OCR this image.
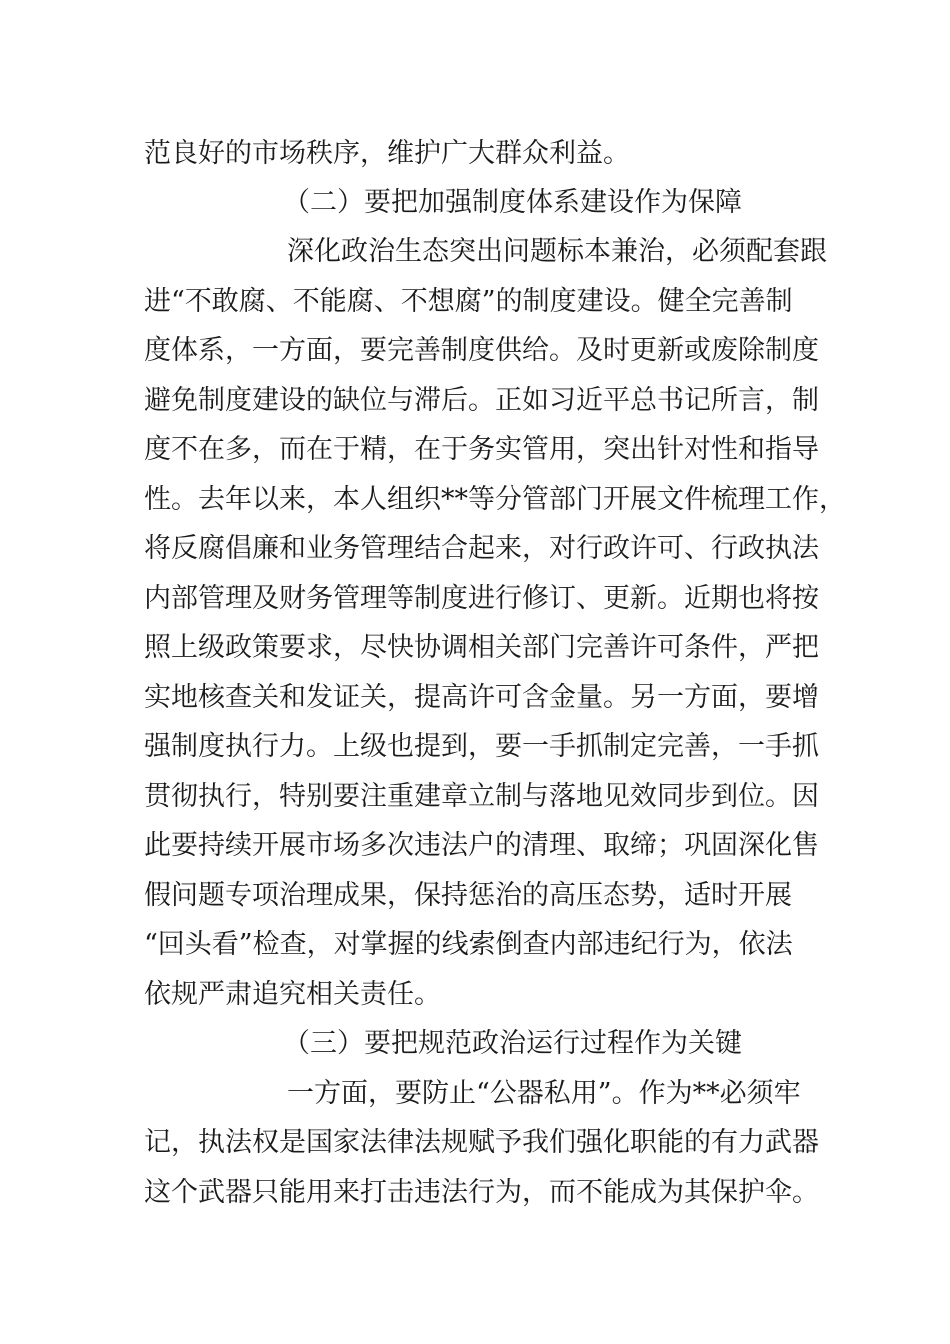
范良好的市场秩序，维护广大群众利益。
（二）要把加强制度体系建设作为保障
深化政治生态突出问题标本兼治，必须配套跟
进“不敢腐、不能腐、不想腐”的制度建设。健全完善制
度体系，一方面，要完善制度供给。及时更新或废除制度
避免制度建设的缺位与滞后。正如习近平总书记所言，制
度不在多，而在于精，在于务实管用，突出针对性和指导
性。去年以来，本人组织**等分管部门开展文件梳理工作，
将反腐倡廉和业务管理结合起来，对行政许可、行政执法
内部管理及财务管理等制度进行修订、更新。近期也将按
照上级政策要求，尽快协调相关部门完善许可条件，严把
实地核查关和发证关，提高许可含金量。另一方面，要增
强制度执行力。上级也提到，要一手抓制定完善，一手抓
贯彻执行，特别要注重建章立制与落地见效同步到位。因
此要持续开展市场多次违法户的清理、取缔；巩固深化售
假问题专项治理成果，保持惩治的高压态势，适时开展
“回头看”检查，对掌握的线索倒查内部违纪行为，依法
依规严肃追究相关责任。
（三）要把规范政治运行过程作为关键
一方面，要防止“公器私用”。作为**必须牢
记，执法权是国家法律法规赋予我们强化职能的有力武器
这个武器只能用来打击违法行为，而不能成为其保护伞。
